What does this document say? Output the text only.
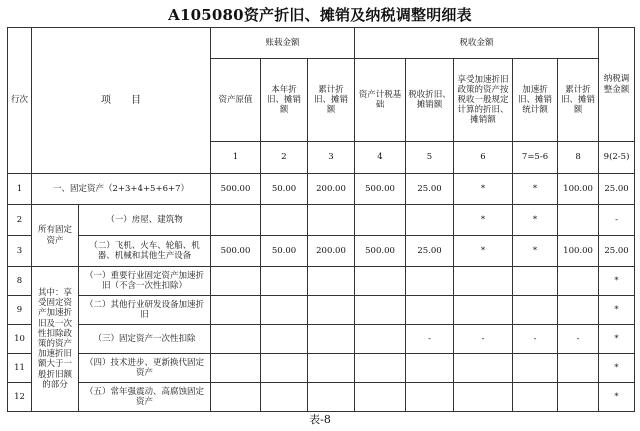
A105080资产折旧、摊销及纳税调整明细表
行次	项　　目		账载金额			税收金额					纳税调整金额
			资产原值	本年折旧、摊销额	累计折旧、摊销额	资产计税基础	税收折旧、摊销额	享受加速折旧政策的资产按税收一般规定计算的折旧、摊销额	加速折旧、摊销统计额	累计折旧、摊销额	
			1	2	3	4	5	6	7=5-6	8	9(2-5)
1	一、固定资产（2+3+4+5+6+7）		500.00	50.00	200.00	500.00	25.00	*	*	100.00	25.00
2	所有固定资产	（一）房屋、建筑物						*	*		-
3		（二）飞机、火车、轮船、机器、机械和其他生产设备	500.00	50.00	200.00	500.00	25.00	*	*	100.00	25.00
8	其中：享受固定资产加速折旧及一次性扣除政策的资产加速折旧额大于一般折旧额的部分	（一）重要行业固定资产加速折旧（不含一次性扣除）									*
9		（二）其他行业研发设备加速折旧									*
10		（三）固定资产一次性扣除					-	-	-	-	*
11		（四）技术进步、更新换代固定资产									*
12		（五）常年强震动、高腐蚀固定资产									*
表-8
